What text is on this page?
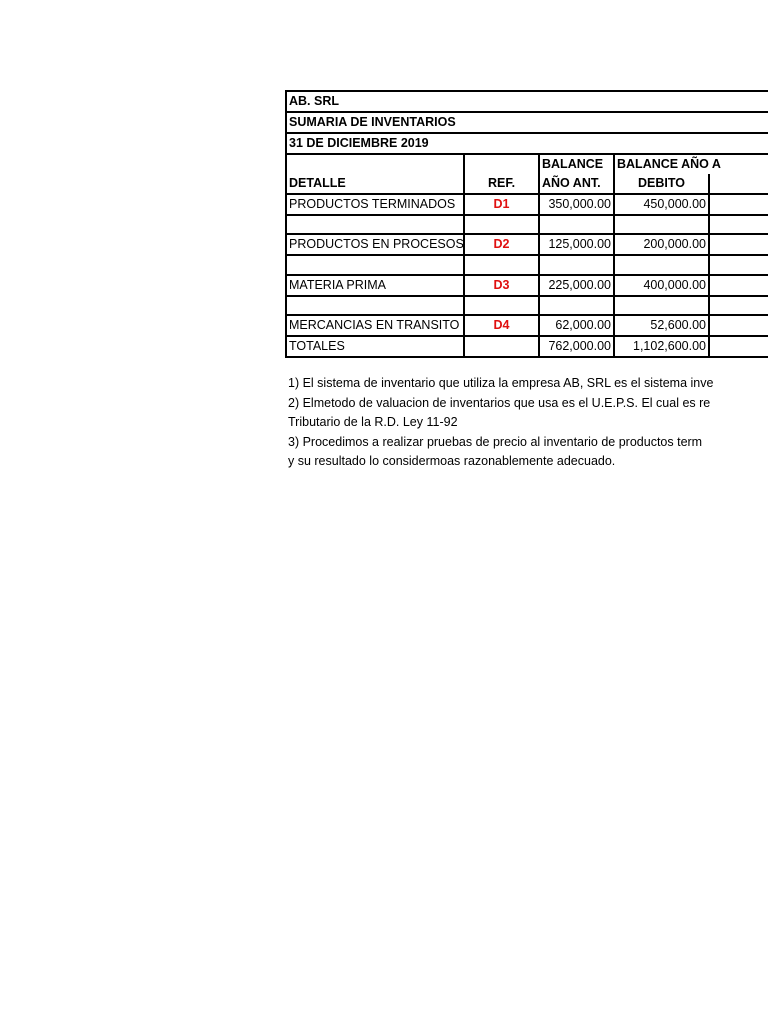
AB. SRL				
SUMARIA DE INVENTARIOS				
31 DE DICIEMBRE 2019				
		BALANCE	BALANCE AÑO A	
DETALLE	REF.	AÑO ANT.	DEBITO	
PRODUCTOS TERMINADOS	D1	350,000.00	450,000.00	

PRODUCTOS EN PROCESOS	D2	125,000.00	200,000.00	

MATERIA PRIMA	D3	225,000.00	400,000.00	

MERCANCIAS EN TRANSITO	D4	62,000.00	52,600.00	
TOTALES		762,000.00	1,102,600.00	
1) El sistema de inventario que utiliza la empresa AB, SRL es el sistema inve
2) Elmetodo de valuacion de inventarios que usa es el U.E.P.S. El cual es re
Tributario de la R.D. Ley 11-92
3) Procedimos a realizar pruebas de precio al inventario de productos term
y su resultado lo considermoas razonablemente adecuado.
